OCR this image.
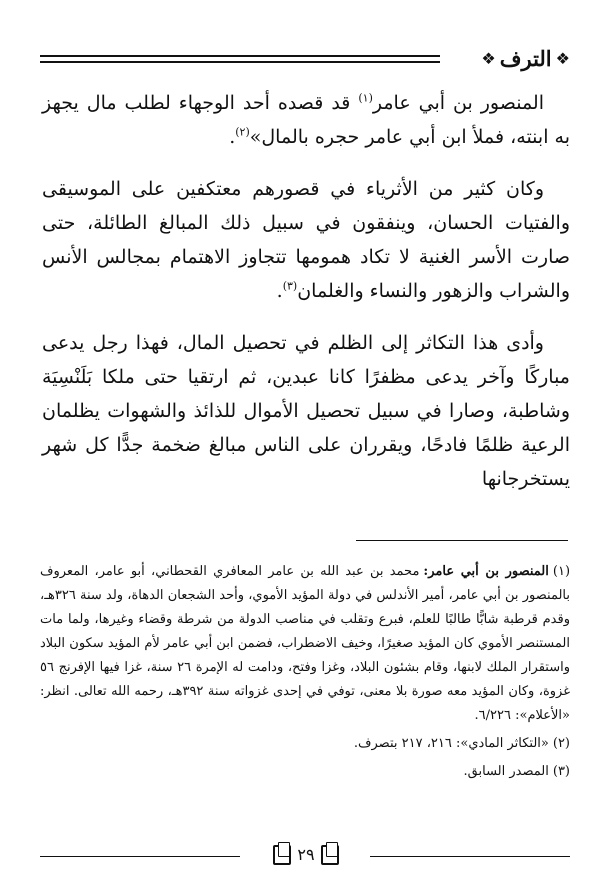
❖ الترف ❖

المنصور بن أبي عامر$^{(١)}$ قد قصده أحد الوجهاء لطلب مال يجهز به ابنته، فملأ ابن أبي عامر حجره بالمال»$^{(٢)}$.

وكان كثير من الأثرياء في قصورهم معتكفين على الموسيقى والفتيات الحسان، وينفقون في سبيل ذلك المبالغ الطائلة، حتى صارت الأسر الغنية لا تكاد همومها تتجاوز الاهتمام بمجالس الأنس والشراب والزهور والنساء والغلمان$^{(٣)}$.

وأدى هذا التكاثر إلى الظلم في تحصيل المال، فهذا رجل يدعى مباركًا وآخر يدعى مظفرًا كانا عبدين، ثم ارتقيا حتى ملكا بَلَنْسِيَة وشاطبة، وصارا في سبيل تحصيل الأموال للذائذ والشهوات يظلمان الرعية ظلمًا فادحًا، ويقرران على الناس مبالغ ضخمة جدًّا كل شهر يستخرجانها

(١)المنصور بن أبي عامر:محمد بن عبد الله بن عامر المعافري القحطاني، أبو عامر، المعروف بالمنصور بن أبي عامر، أمير الأندلس في دولة المؤيد الأموي، وأحد الشجعان الدهاة، ولد سنة ٣٢٦هـ، وقدم قرطبة شابًّا طالبًا للعلم، فبرع وتقلب في مناصب الدولة من شرطة وقضاء وغيرها، ولما مات المستنصر الأموي كان المؤيد صغيرًا، وخيف الاضطراب، فضمن ابن أبي عامر لأم المؤيد سكون البلاد واستقرار الملك لابنها، وقام بشئون البلاد، وغزا وفتح، ودامت له الإمرة ٢٦ سنة، غزا فيها الإفرنج ٥٦ غزوة، وكان المؤيد معه صورة بلا معنى، توفي في إحدى غزواته سنة ٣٩٢هـ، رحمه الله تعالى. انظر: «الأعلام»: ٦/٢٢٦.
(٢)«التكاثر المادي»: ٢١٦، ٢١٧ بتصرف.
(٣)المصدر السابق.
٢٩
